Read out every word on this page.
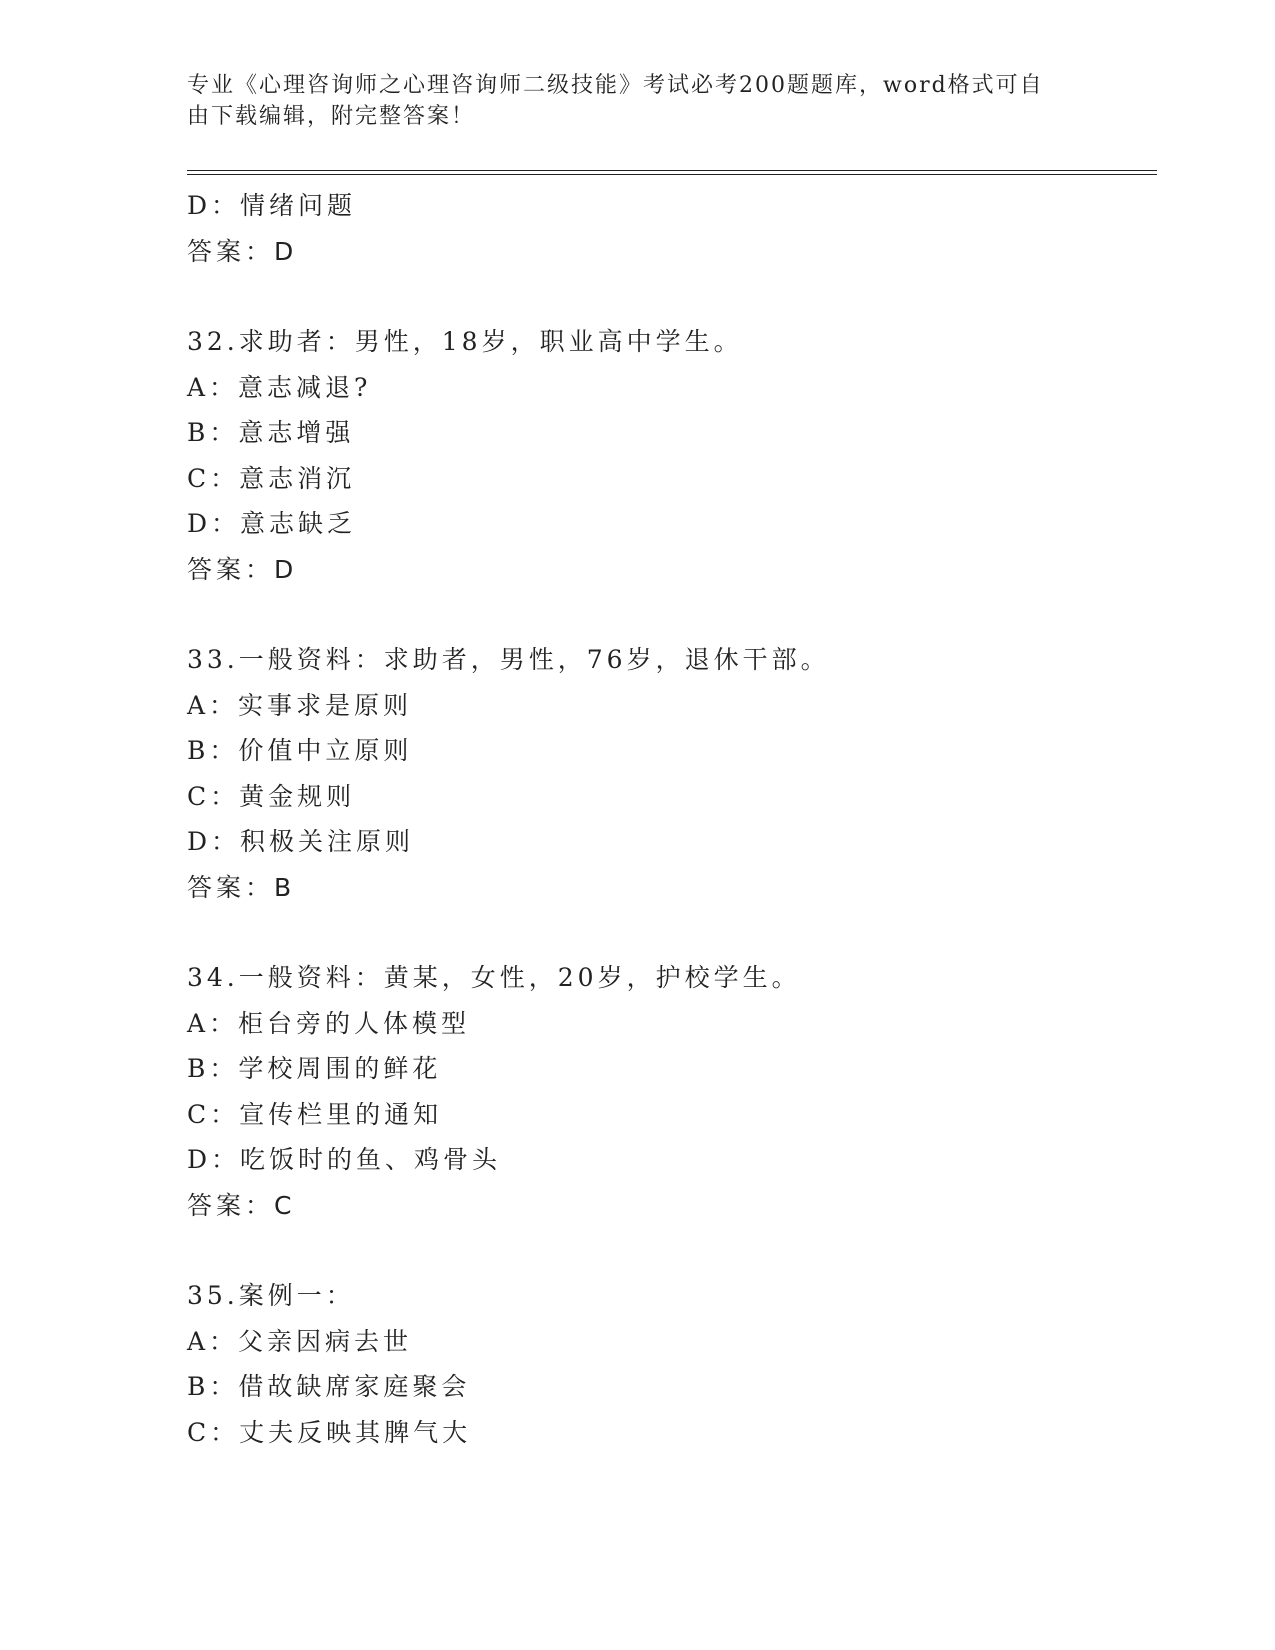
专业《心理咨询师之心理咨询师二级技能》考试必考200题题库，word格式可自由下载编辑，附完整答案！

D：情绪问题
答案：D
32.求助者：男性，18岁，职业高中学生。
A：意志减退?
B：意志增强
C：意志消沉
D：意志缺乏
答案：D
33.一般资料：求助者，男性，76岁，退休干部。
A：实事求是原则
B：价值中立原则
C：黄金规则
D：积极关注原则
答案：B
34.一般资料：黄某，女性，20岁，护校学生。
A：柜台旁的人体模型
B：学校周围的鲜花
C：宣传栏里的通知
D：吃饭时的鱼、鸡骨头
答案：C
35.案例一：
A：父亲因病去世
B：借故缺席家庭聚会
C：丈夫反映其脾气大
